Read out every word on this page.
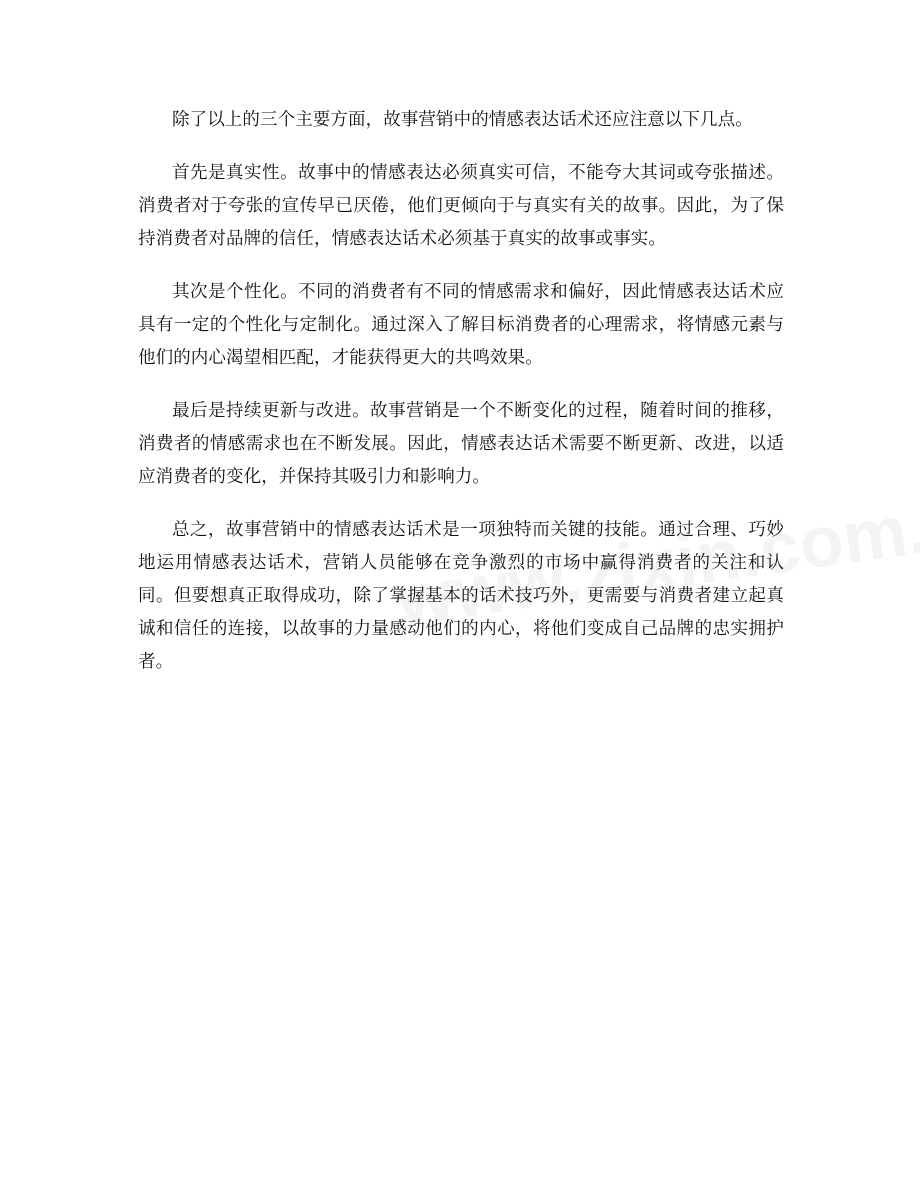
除了以上的三个主要方面，故事营销中的情感表达话术还应注意以下几点。

首先是真实性。故事中的情感表达必须真实可信，不能夸大其词或夸张描述。消费者对于夸张的宣传早已厌倦，他们更倾向于与真实有关的故事。因此，为了保持消费者对品牌的信任，情感表达话术必须基于真实的故事或事实。

其次是个性化。不同的消费者有不同的情感需求和偏好，因此情感表达话术应具有一定的个性化与定制化。通过深入了解目标消费者的心理需求，将情感元素与他们的内心渴望相匹配，才能获得更大的共鸣效果。

最后是持续更新与改进。故事营销是一个不断变化的过程，随着时间的推移，消费者的情感需求也在不断发展。因此，情感表达话术需要不断更新、改进，以适应消费者的变化，并保持其吸引力和影响力。

总之，故事营销中的情感表达话术是一项独特而关键的技能。通过合理、巧妙地运用情感表达话术，营销人员能够在竞争激烈的市场中赢得消费者的关注和认同。但要想真正取得成功，除了掌握基本的话术技巧外，更需要与消费者建立起真诚和信任的连接，以故事的力量感动他们的内心，将他们变成自己品牌的忠实拥护者。
